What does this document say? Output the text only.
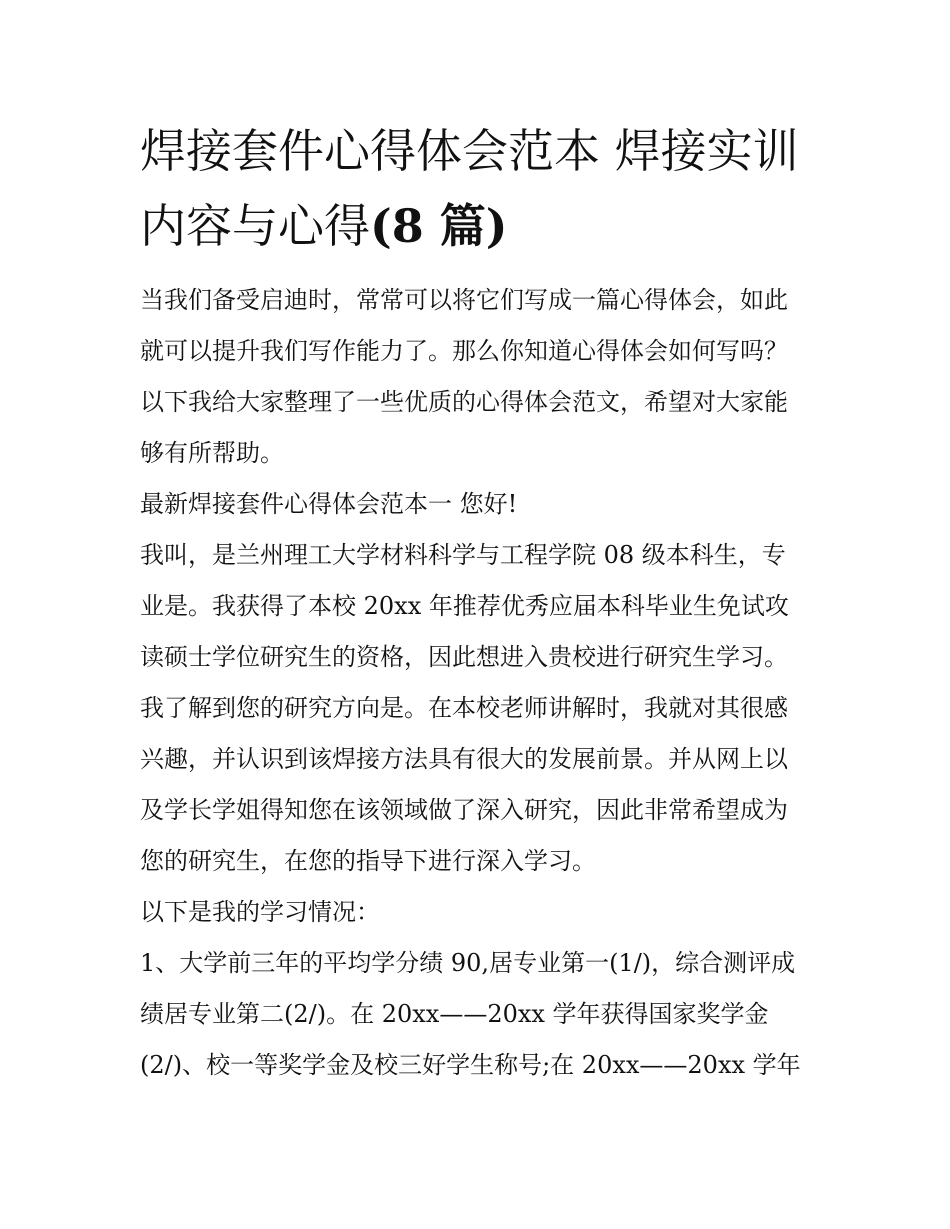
焊接套件心得体会范本 焊接实训内容与心得(8 篇)
当我们备受启迪时，常常可以将它们写成一篇心得体会，如此
就可以提升我们写作能力了。那么你知道心得体会如何写吗？
以下我给大家整理了一些优质的心得体会范文，希望对大家能
够有所帮助。
最新焊接套件心得体会范本一 您好!
我叫，是兰州理工大学材料科学与工程学院 08 级本科生，专
业是。我获得了本校 20xx 年推荐优秀应届本科毕业生免试攻
读硕士学位研究生的资格，因此想进入贵校进行研究生学习。
我了解到您的研究方向是。在本校老师讲解时，我就对其很感
兴趣，并认识到该焊接方法具有很大的发展前景。并从网上以
及学长学姐得知您在该领域做了深入研究，因此非常希望成为
您的研究生，在您的指导下进行深入学习。
以下是我的学习情况：
1、大学前三年的平均学分绩 90,居专业第一(1/)，综合测评成
绩居专业第二(2/)。在 20xx——20xx 学年获得国家奖学金
(2/)、校一等奖学金及校三好学生称号;在 20xx——20xx 学年
